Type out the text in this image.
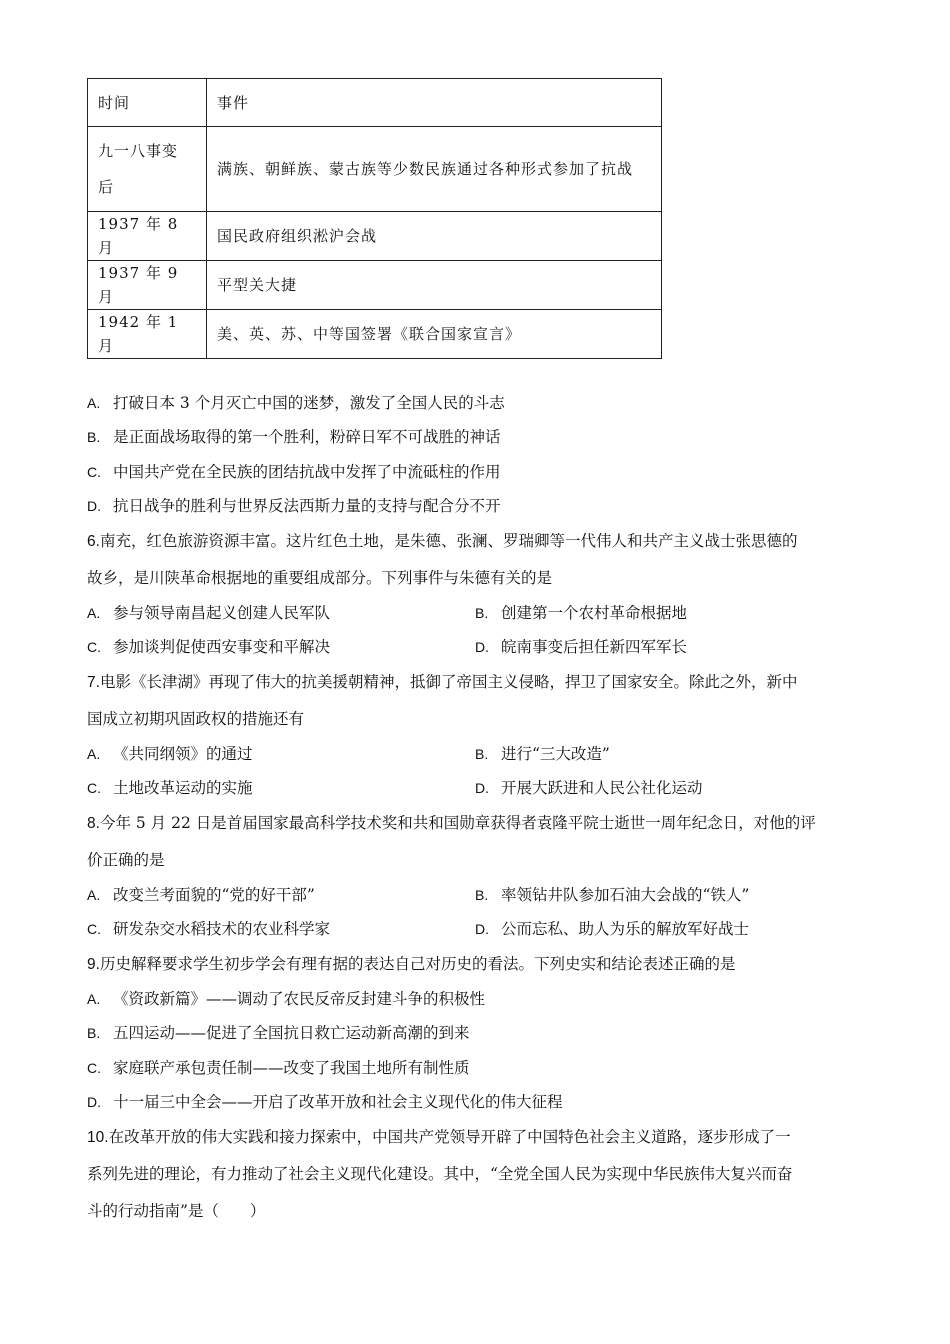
时间	事件

九一八事变
后	满族、朝鲜族、蒙古族等少数民族通过各种形式参加了抗战
1937 年 8 月	国民政府组织淞沪会战
1937 年 9 月	平型关大捷
1942 年 1 月	美、英、苏、中等国签署《联合国家宣言》
A. 打破日本 3 个月灭亡中国的迷梦，激发了全国人民的斗志
B. 是正面战场取得的第一个胜利，粉碎日军不可战胜的神话
C. 中国共产党在全民族的团结抗战中发挥了中流砥柱的作用
D. 抗日战争的胜利与世界反法西斯力量的支持与配合分不开
6.南充，红色旅游资源丰富。这片红色土地，是朱德、张澜、罗瑞卿等一代伟人和共产主义战士张思德的
故乡，是川陕革命根据地的重要组成部分。下列事件与朱德有关的是
A. 参与领导南昌起义创建人民军队	B. 创建第一个农村革命根据地
C. 参加谈判促使西安事变和平解决	D. 皖南事变后担任新四军军长
7.电影《长津湖》再现了伟大的抗美援朝精神，抵御了帝国主义侵略，捍卫了国家安全。除此之外，新中
国成立初期巩固政权的措施还有
A. 《共同纲领》的通过	B. 进行“三大改造”
C. 土地改革运动的实施	D. 开展大跃进和人民公社化运动
8.今年 5 月 22 日是首届国家最高科学技术奖和共和国勋章获得者袁隆平院士逝世一周年纪念日，对他的评
价正确的是
A. 改变兰考面貌的“党的好干部”	B. 率领钻井队参加石油大会战的“铁人”
C. 研发杂交水稻技术的农业科学家	D. 公而忘私、助人为乐的解放军好战士
9.历史解释要求学生初步学会有理有据的表达自己对历史的看法。下列史实和结论表述正确的是
A. 《资政新篇》——调动了农民反帝反封建斗争的积极性
B. 五四运动——促进了全国抗日救亡运动新高潮的到来
C. 家庭联产承包责任制——改变了我国土地所有制性质
D. 十一届三中全会——开启了改革开放和社会主义现代化的伟大征程
10.在改革开放的伟大实践和接力探索中，中国共产党领导开辟了中国特色社会主义道路，逐步形成了一
系列先进的理论，有力推动了社会主义现代化建设。其中，“全党全国人民为实现中华民族伟大复兴而奋
斗的行动指南”是（　　）
